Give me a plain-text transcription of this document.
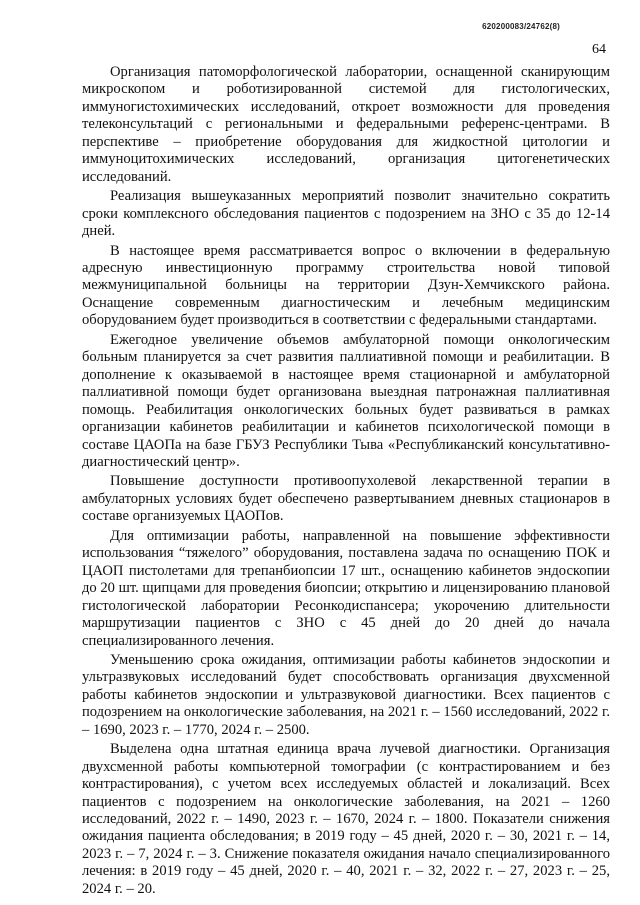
620200083/24762(8)
64

Организация патоморфологической лаборатории, оснащенной сканирующим микроскопом и роботизированной системой для гистологических, иммуногистохимических исследований, откроет возможности для проведения телеконсультаций с региональными и федеральными референс-центрами. В перспективе – приобретение оборудования для жидкостной цитологии и иммуноцитохимических исследований, организация цитогенетических исследований.

Реализация вышеуказанных мероприятий позволит значительно сократить сроки комплексного обследования пациентов с подозрением на ЗНО с 35 до 12-14 дней.

В настоящее время рассматривается вопрос о включении в федеральную адресную инвестиционную программу строительства новой типовой межмуниципальной больницы на территории Дзун-Хемчикского района. Оснащение современным диагностическим и лечебным медицинским оборудованием будет производиться в соответствии с федеральными стандартами.

Ежегодное увеличение объемов амбулаторной помощи онкологическим больным планируется за счет развития паллиативной помощи и реабилитации. В дополнение к оказываемой в настоящее время стационарной и амбулаторной паллиативной помощи будет организована выездная патронажная паллиативная помощь. Реабилитация онкологических больных будет развиваться в рамках организации кабинетов реабилитации и кабинетов психологической помощи в составе ЦАОПа на базе ГБУЗ Республики Тыва «Республиканский консультативно-диагностический центр».

Повышение доступности противоопухолевой лекарственной терапии в амбулаторных условиях будет обеспечено развертыванием дневных стационаров в составе организуемых ЦАОПов.

Для оптимизации работы, направленной на повышение эффективности использования “тяжелого” оборудования, поставлена задача по оснащению ПОК и ЦАОП пистолетами для трепанбиопсии 17 шт., оснащению кабинетов эндоскопии до 20 шт. щипцами для проведения биопсии; открытию и лицензированию плановой гистологической лаборатории Ресонкодиспансера; укорочению длительности маршрутизации пациентов с ЗНО с 45 дней до 20 дней до начала специализированного лечения.

Уменьшению срока ожидания, оптимизации работы кабинетов эндоскопии и ультразвуковых исследований будет способствовать организация двухсменной работы кабинетов эндоскопии и ультразвуковой диагностики. Всех пациентов с подозрением на онкологические заболевания, на 2021 г. – 1560 исследований, 2022 г. – 1690, 2023 г. – 1770, 2024 г. – 2500.

Выделена одна штатная единица врача лучевой диагностики. Организация двухсменной работы компьютерной томографии (с контрастированием и без контрастирования), с учетом всех исследуемых областей и локализаций. Всех пациентов с подозрением на онкологические заболевания, на 2021 – 1260 исследований, 2022 г. – 1490, 2023 г. – 1670, 2024 г. – 1800. Показатели снижения ожидания пациента обследования; в 2019 году – 45 дней, 2020 г. – 30, 2021 г. – 14, 2023 г. – 7, 2024 г. – 3. Снижение показателя ожидания начало специализированного лечения: в 2019 году – 45 дней, 2020 г. – 40, 2021 г. – 32, 2022 г. – 27, 2023 г. – 25, 2024 г. – 20.
